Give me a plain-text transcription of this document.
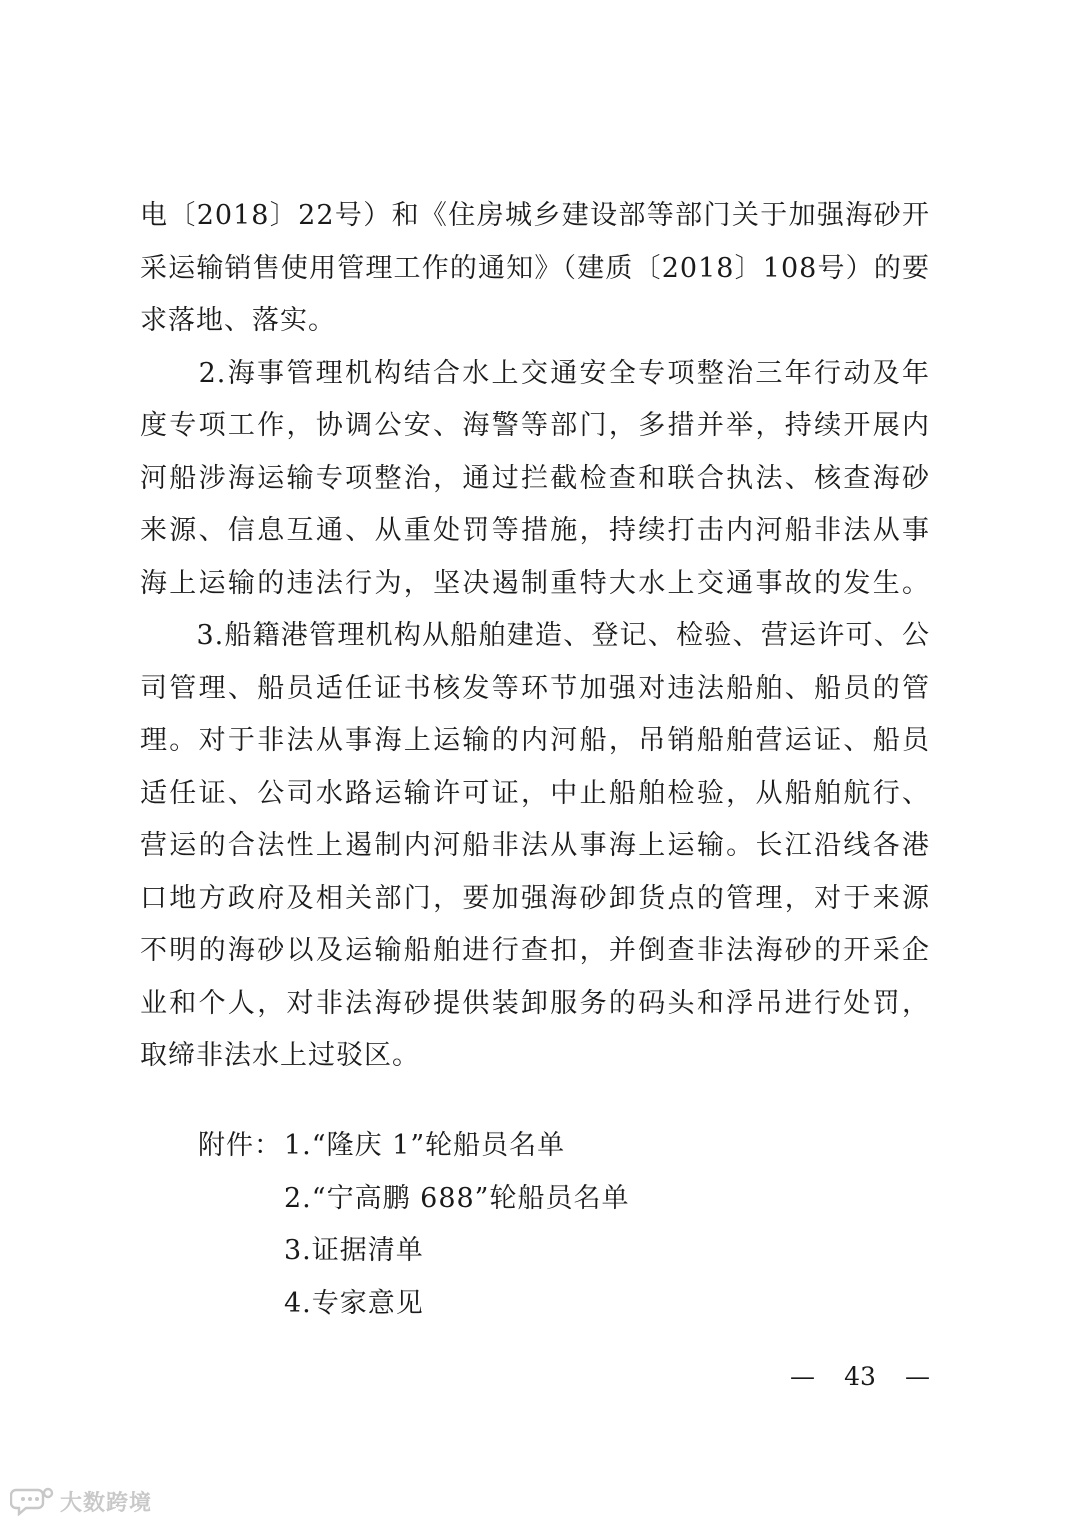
电〔2018〕22号）和《住房城乡建设部等部门关于加强海砂开
采运输销售使用管理工作的通知》（建质〔2018〕108号）的要
求落地、落实。
　　2.海事管理机构结合水上交通安全专项整治三年行动及年
度专项工作，协调公安、海警等部门，多措并举，持续开展内
河船涉海运输专项整治，通过拦截检查和联合执法、核查海砂
来源、信息互通、从重处罚等措施，持续打击内河船非法从事
海上运输的违法行为，坚决遏制重特大水上交通事故的发生。
　　3.船籍港管理机构从船舶建造、登记、检验、营运许可、公
司管理、船员适任证书核发等环节加强对违法船舶、船员的管
理。对于非法从事海上运输的内河船，吊销船舶营运证、船员
适任证、公司水路运输许可证，中止船舶检验，从船舶航行、
营运的合法性上遏制内河船非法从事海上运输。长江沿线各港
口地方政府及相关部门，要加强海砂卸货点的管理，对于来源
不明的海砂以及运输船舶进行查扣，并倒查非法海砂的开采企
业和个人，对非法海砂提供装卸服务的码头和浮吊进行处罚，
取缔非法水上过驳区。
附件：1.“隆庆 1”轮船员名单
2.“宁高鹏 688”轮船员名单
3.证据清单
4.专家意见
— 43 —
大数跨境
